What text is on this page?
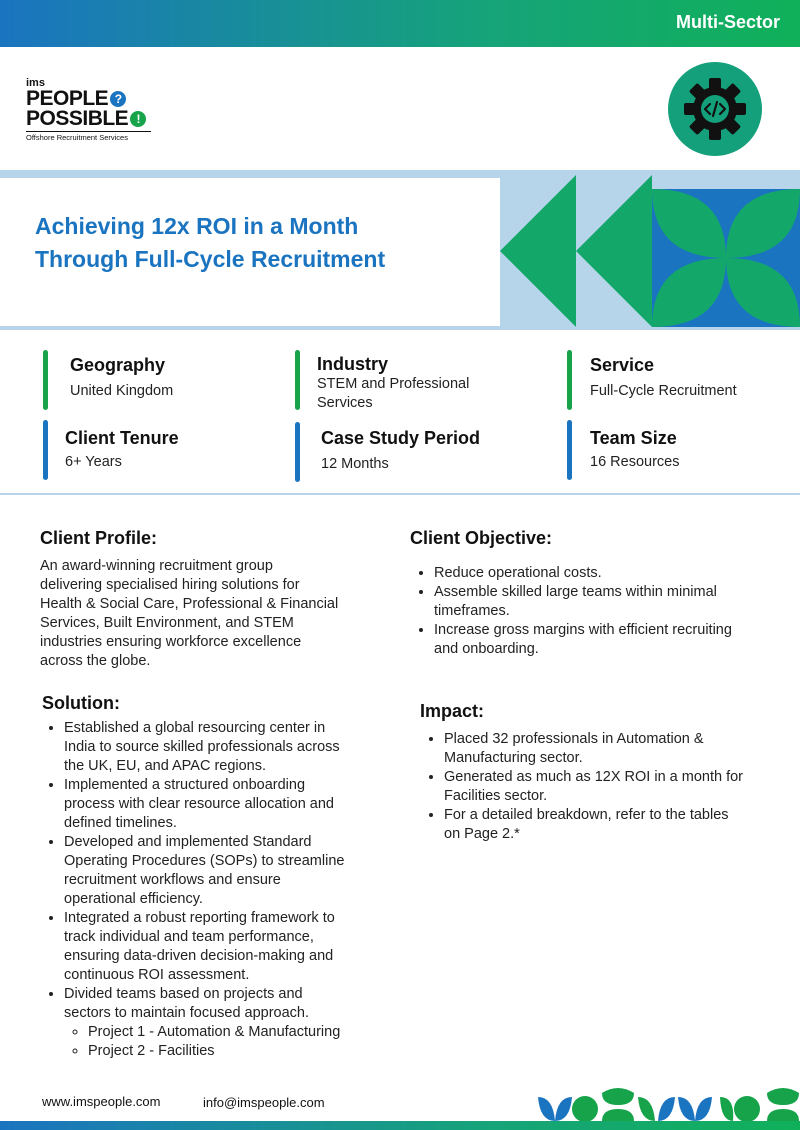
Multi-Sector
ims
PEOPLE ?
POSSIBLE !
Offshore Recruitment Services
Achieving 12x ROI in a Month
Through Full-Cycle Recruitment
Geography
United Kingdom
Industry
STEM and Professional
Services
Service
Full-Cycle Recruitment
Client Tenure
6+ Years
Case Study Period
12 Months
Team Size
16 Resources
Client Profile:
An award-winning recruitment group
delivering specialised hiring solutions for
Health & Social Care, Professional & Financial
Services, Built Environment, and STEM
industries ensuring workforce excellence
across the globe.
Client Objective:
• Reduce operational costs.
• Assemble skilled large teams within minimal
timeframes.
• Increase gross margins with efficient recruiting
and onboarding.
Solution:
• Established a global resourcing center in
India to source skilled professionals across
the UK, EU, and APAC regions.
• Implemented a structured onboarding
process with clear resource allocation and
defined timelines.
• Developed and implemented Standard
Operating Procedures (SOPs) to streamline
recruitment workflows and ensure
operational efficiency.
• Integrated a robust reporting framework to
track individual and team performance,
ensuring data-driven decision-making and
continuous ROI assessment.
• Divided teams based on projects and
sectors to maintain focused approach.
◦ Project 1 - Automation & Manufacturing
◦ Project 2 - Facilities
Impact:
• Placed 32 professionals in Automation &
Manufacturing sector.
• Generated as much as 12X ROI in a month for
Facilities sector.
• For a detailed breakdown, refer to the tables
on Page 2.*
www.imspeople.com	info@imspeople.com
